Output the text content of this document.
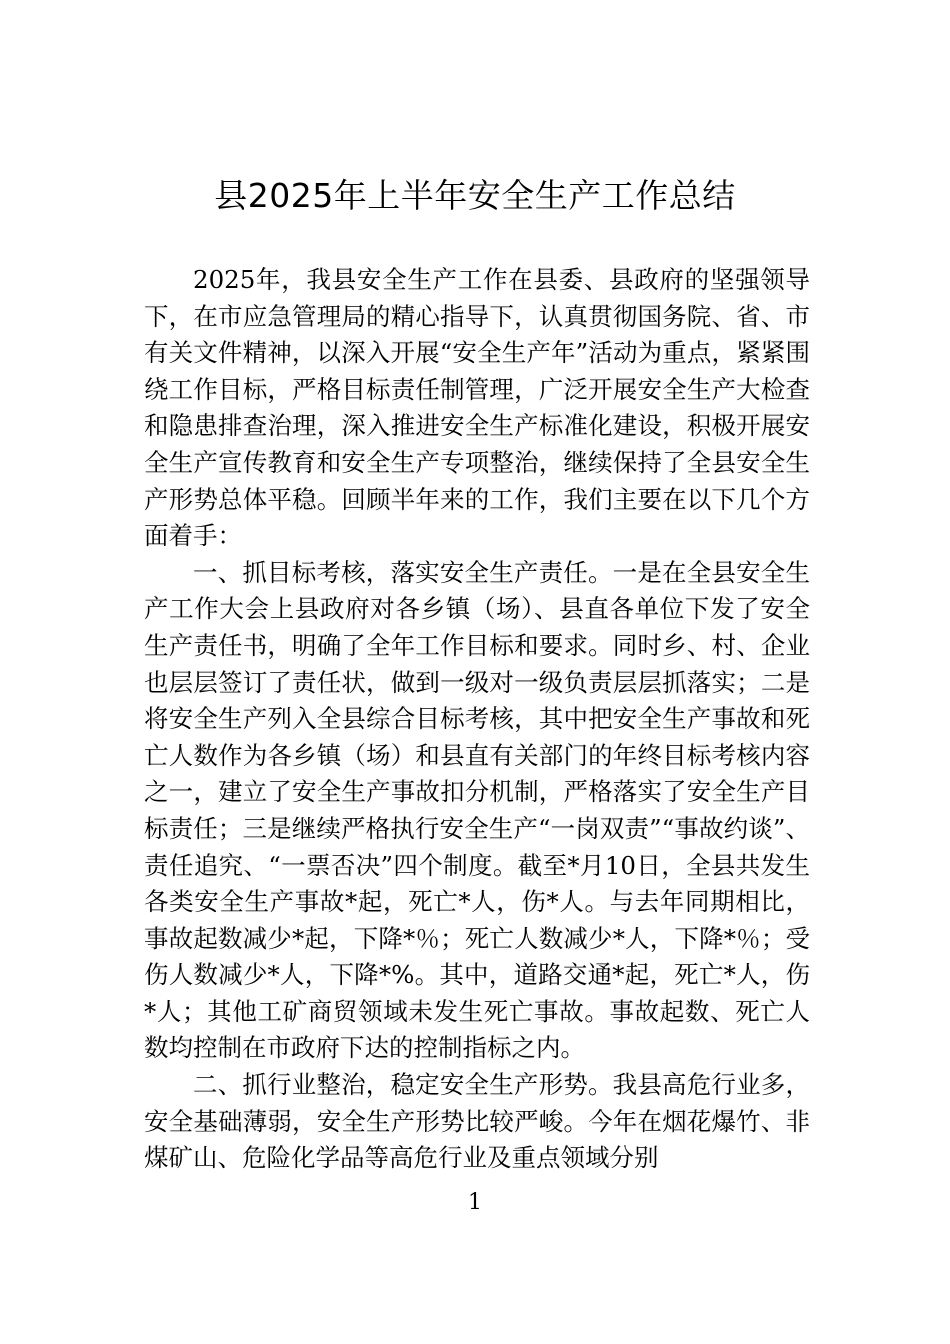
县2025年上半年安全生产工作总结

2025年，我县安全生产工作在县委、县政府的坚强领导下，在市应急管理局的精心指导下，认真贯彻国务院、省、市有关文件精神，以深入开展“安全生产年”活动为重点，紧紧围绕工作目标，严格目标责任制管理，广泛开展安全生产大检查和隐患排查治理，深入推进安全生产标准化建设，积极开展安全生产宣传教育和安全生产专项整治，继续保持了全县安全生产形势总体平稳。回顾半年来的工作，我们主要在以下几个方面着手：

一、抓目标考核，落实安全生产责任。一是在全县安全生产工作大会上县政府对各乡镇（场）、县直各单位下发了安全生产责任书，明确了全年工作目标和要求。同时乡、村、企业也层层签订了责任状，做到一级对一级负责层层抓落实；二是将安全生产列入全县综合目标考核，其中把安全生产事故和死亡人数作为各乡镇（场）和县直有关部门的年终目标考核内容之一，建立了安全生产事故扣分机制，严格落实了安全生产目标责任；三是继续严格执行安全生产“一岗双责”“事故约谈”、责任追究、“一票否决”四个制度。截至*月10日，全县共发生各类安全生产事故*起，死亡*人，伤*人。与去年同期相比，事故起数减少*起，下降*％；死亡人数减少*人，下降*％；受伤人数减少*人，下降*%。其中，道路交通*起，死亡*人，伤*人；其他工矿商贸领域未发生死亡事故。事故起数、死亡人数均控制在市政府下达的控制指标之内。

二、抓行业整治，稳定安全生产形势。我县高危行业多，安全基础薄弱，安全生产形势比较严峻。今年在烟花爆竹、非煤矿山、危险化学品等高危行业及重点领域分别

1
